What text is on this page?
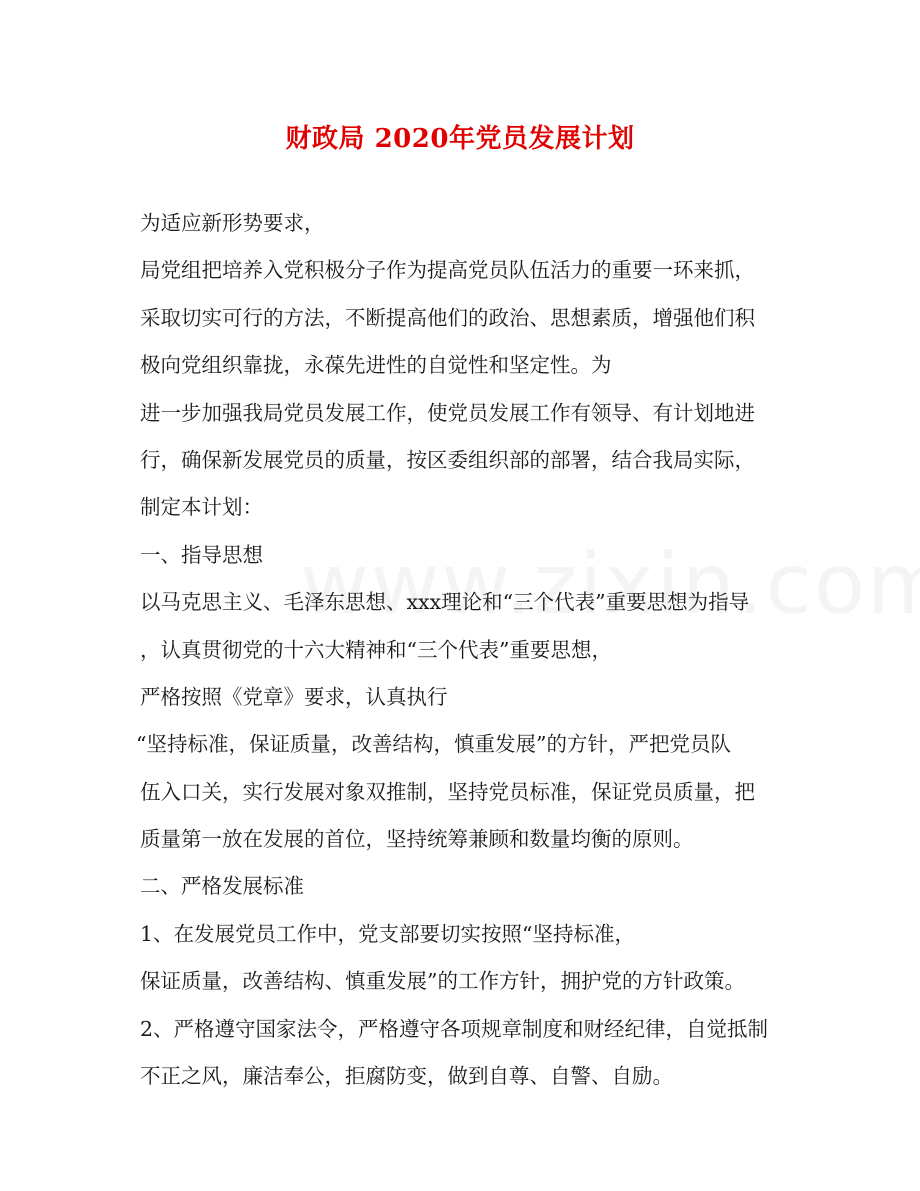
财政局 2020年党员发展计划
为适应新形势要求，
局党组把培养入党积极分子作为提高党员队伍活力的重要一环来抓，
采取切实可行的方法，不断提高他们的政治、思想素质，增强他们积
极向党组织靠拢，永葆先进性的自觉性和坚定性。为
进一步加强我局党员发展工作，使党员发展工作有领导、有计划地进
行，确保新发展党员的质量，按区委组织部的部署，结合我局实际，
制定本计划：
一、指导思想
以马克思主义、毛泽东思想、xxx理论和“三个代表”重要思想为指导
，认真贯彻党的十六大精神和“三个代表”重要思想，
严格按照《党章》要求，认真执行
“坚持标准，保证质量，改善结构，慎重发展”的方针，严把党员队
伍入口关，实行发展对象双推制，坚持党员标准，保证党员质量，把
质量第一放在发展的首位，坚持统筹兼顾和数量均衡的原则。
二、严格发展标准
1、在发展党员工作中，党支部要切实按照“坚持标准，
保证质量，改善结构、慎重发展”的工作方针，拥护党的方针政策。
2、严格遵守国家法令，严格遵守各项规章制度和财经纪律，自觉抵制
不正之风，廉洁奉公，拒腐防变，做到自尊、自警、自励。
